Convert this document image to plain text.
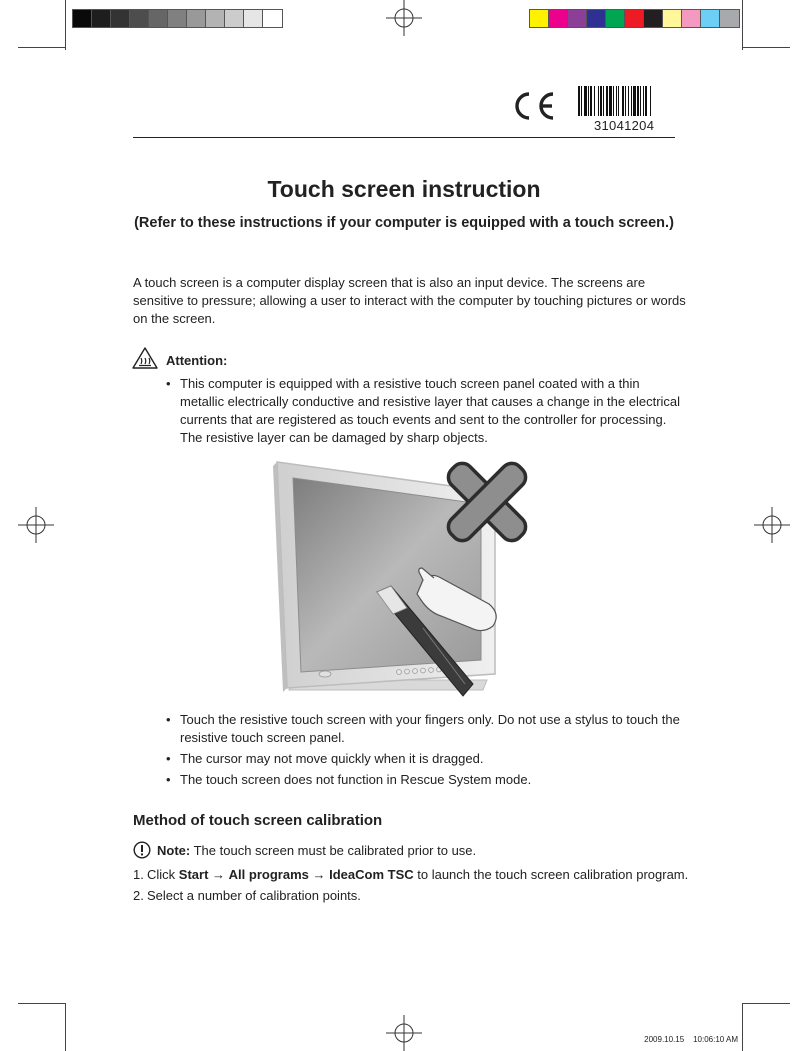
31041204
Touch screen instruction
(Refer to these instructions if your computer is equipped with a touch screen.)
A touch screen is a computer display screen that is also an input device. The screens are sensitive to pressure; allowing a user to interact with the computer by touching pictures or words on the screen.
Attention:
• This computer is equipped with a resistive touch screen panel coated with a thin metallic electrically conductive and resistive layer that causes a change in the electrical currents that are registered as touch events and sent to the controller for processing. The resistive layer can be damaged by sharp objects.
• Touch the resistive touch screen with your fingers only. Do not use a stylus to touch the resistive touch screen panel.
• The cursor may not move quickly when it is dragged.
• The touch screen does not function in Rescue System mode.
Method of touch screen calibration
Note: The touch screen must be calibrated prior to use.
1. Click Start → All programs → IdeaCom TSC to launch the touch screen calibration program.
2. Select a number of calibration points.
2009.10.15 10:06:10 AM
